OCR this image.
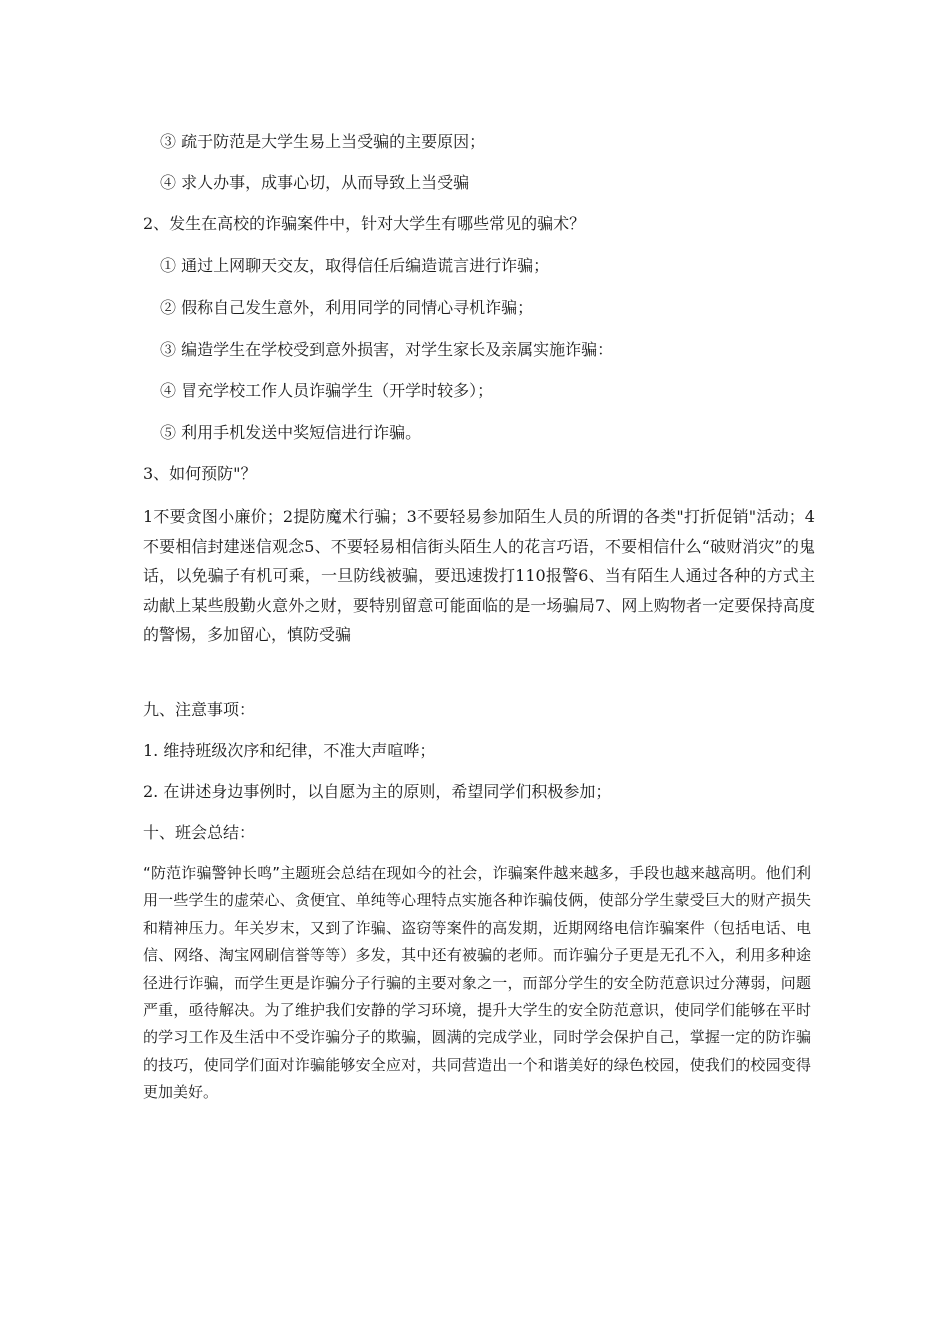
③ 疏于防范是大学生易上当受骗的主要原因；
④ 求人办事，成事心切，从而导致上当受骗
2、发生在高校的诈骗案件中，针对大学生有哪些常见的骗术？
① 通过上网聊天交友，取得信任后编造谎言进行诈骗；
② 假称自己发生意外，利用同学的同情心寻机诈骗；
③ 编造学生在学校受到意外损害，对学生家长及亲属实施诈骗：
④ 冒充学校工作人员诈骗学生（开学时较多）；
⑤ 利用手机发送中奖短信进行诈骗。
3、如何预防"？

1不要贪图小廉价；2提防魔术行骗；3不要轻易参加陌生人员的所谓的各类"打折促销"活动；4不要相信封建迷信观念5、不要轻易相信街头陌生人的花言巧语，不要相信什么“破财消灾”的鬼话，以免骗子有机可乘，一旦防线被骗，要迅速拨打110报警6、当有陌生人通过各种的方式主动献上某些殷勤火意外之财，要特别留意可能面临的是一场骗局7、网上购物者一定要保持高度的警惕，多加留心，慎防受骗

九、注意事项：
1. 维持班级次序和纪律，不准大声喧哗；
2. 在讲述身边事例时，以自愿为主的原则，希望同学们积极参加；
十、班会总结：

“防范诈骗警钟长鸣”主题班会总结在现如今的社会，诈骗案件越来越多，手段也越来越高明。他们利用一些学生的虚荣心、贪便宜、单纯等心理特点实施各种诈骗伎俩，使部分学生蒙受巨大的财产损失和精神压力。年关岁末，又到了诈骗、盗窃等案件的高发期，近期网络电信诈骗案件（包括电话、电信、网络、淘宝网刷信誉等等）多发，其中还有被骗的老师。而诈骗分子更是无孔不入，利用多种途径进行诈骗，而学生更是诈骗分子行骗的主要对象之一，而部分学生的安全防范意识过分薄弱，问题严重，亟待解决。为了维护我们安静的学习环境，提升大学生的安全防范意识，使同学们能够在平时的学习工作及生活中不受诈骗分子的欺骗，圆满的完成学业，同时学会保护自己，掌握一定的防诈骗的技巧，使同学们面对诈骗能够安全应对，共同营造出一个和谐美好的绿色校园，使我们的校园变得更加美好。
